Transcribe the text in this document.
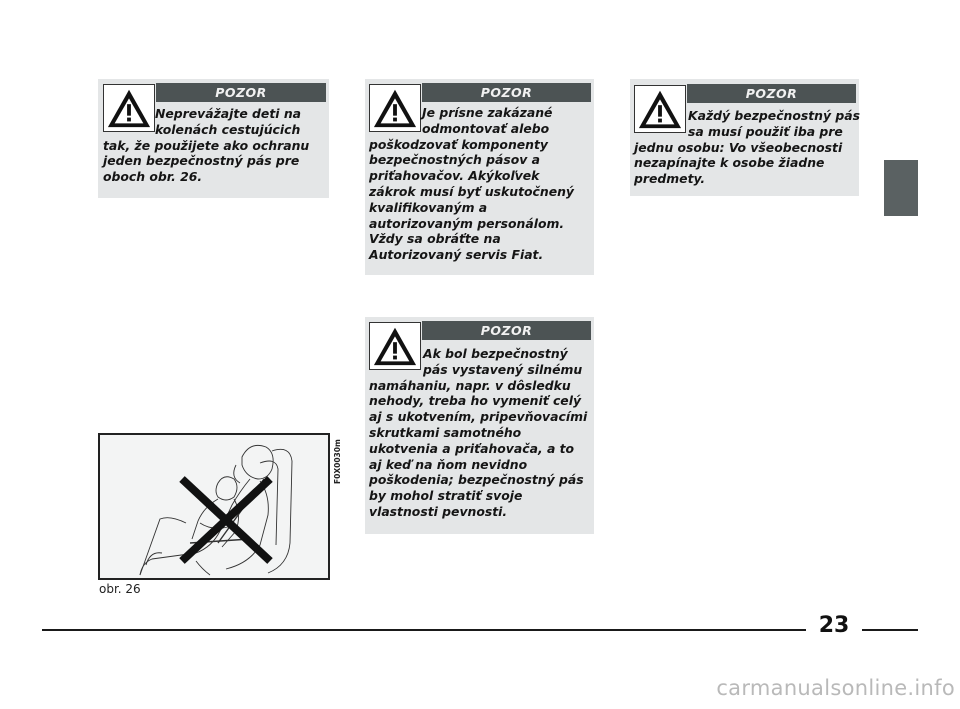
POZOR

Neprevážajte deti na
kolenách cestujúcich
tak, že použijete ako ochranu
jeden bezpečnostný pás pre
oboch obr. 26.

POZOR

Je prísne zakázané
odmontovať alebo
poškodzovať komponenty
bezpečnostných pásov a
priťahovačov. Akýkoľvek
zákrok musí byť uskutočnený
kvalifikovaným a
autorizovaným personálom.
Vždy sa obráťte na
Autorizovaný servis Fiat.

POZOR

Ak bol bezpečnostný
pás vystavený silnému
namáhaniu, napr. v dôsledku
nehody, treba ho vymeniť celý
aj s ukotvením, pripevňovacími
skrutkami samotného
ukotvenia a priťahovača, a to
aj keď na ňom nevidno
poškodenia; bezpečnostný pás
by mohol stratiť svoje
vlastnosti pevnosti.

POZOR

Každý bezpečnostný pás
sa musí použiť iba pre
jednu osobu: Vo všeobecnosti
nezapínajte k osobe žiadne
predmety.

F0X0030m
obr. 26
23
carmanualsonline.info
